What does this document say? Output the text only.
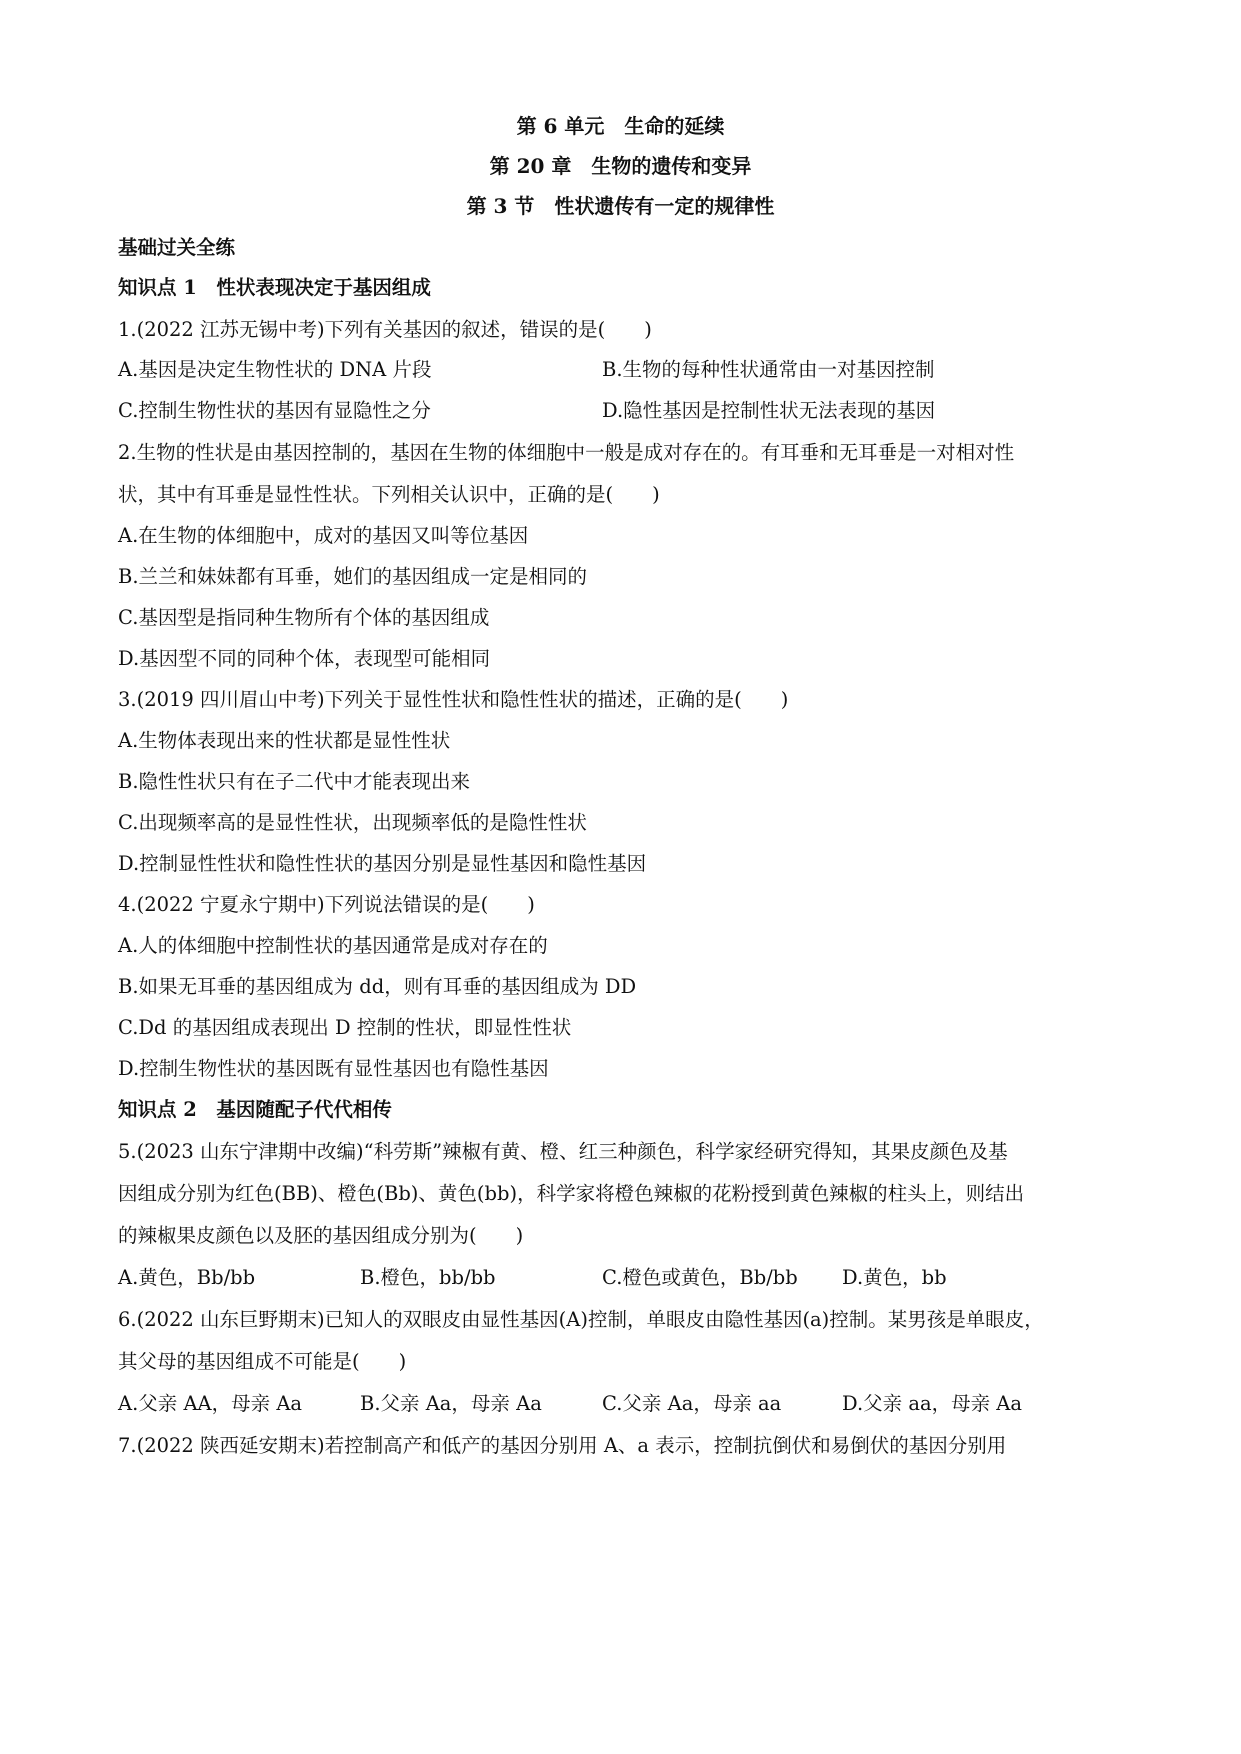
第 6 单元　生命的延续
第 20 章　生物的遗传和变异
第 3 节　性状遗传有一定的规律性
基础过关全练
知识点 1　性状表现决定于基因组成
1.(2022 江苏无锡中考)下列有关基因的叙述，错误的是(　　)
A.基因是决定生物性状的 DNA 片段	B.生物的每种性状通常由一对基因控制
C.控制生物性状的基因有显隐性之分	D.隐性基因是控制性状无法表现的基因
2.生物的性状是由基因控制的，基因在生物的体细胞中一般是成对存在的。有耳垂和无耳垂是一对相对性
状，其中有耳垂是显性性状。下列相关认识中，正确的是(　　)
A.在生物的体细胞中，成对的基因又叫等位基因
B.兰兰和妹妹都有耳垂，她们的基因组成一定是相同的
C.基因型是指同种生物所有个体的基因组成
D.基因型不同的同种个体，表现型可能相同
3.(2019 四川眉山中考)下列关于显性性状和隐性性状的描述，正确的是(　　)
A.生物体表现出来的性状都是显性性状
B.隐性性状只有在子二代中才能表现出来
C.出现频率高的是显性性状，出现频率低的是隐性性状
D.控制显性性状和隐性性状的基因分别是显性基因和隐性基因
4.(2022 宁夏永宁期中)下列说法错误的是(　　)
A.人的体细胞中控制性状的基因通常是成对存在的
B.如果无耳垂的基因组成为 dd，则有耳垂的基因组成为 DD
C.Dd 的基因组成表现出 D 控制的性状，即显性性状
D.控制生物性状的基因既有显性基因也有隐性基因
知识点 2　基因随配子代代相传
5.(2023 山东宁津期中改编)“科劳斯”辣椒有黄、橙、红三种颜色，科学家经研究得知，其果皮颜色及基
因组成分别为红色(BB)、橙色(Bb)、黄色(bb)，科学家将橙色辣椒的花粉授到黄色辣椒的柱头上，则结出
的辣椒果皮颜色以及胚的基因组成分别为(　　)
A.黄色，Bb/bb	B.橙色，bb/bb	C.橙色或黄色，Bb/bb D.黄色，bb
6.(2022 山东巨野期末)已知人的双眼皮由显性基因(A)控制，单眼皮由隐性基因(a)控制。某男孩是单眼皮，
其父母的基因组成不可能是(　　)
A.父亲 AA，母亲 Aa	B.父亲 Aa，母亲 Aa	C.父亲 Aa，母亲 aa	D.父亲 aa，母亲 Aa
7.(2022 陕西延安期末)若控制高产和低产的基因分别用 A、a 表示，控制抗倒伏和易倒伏的基因分别用
